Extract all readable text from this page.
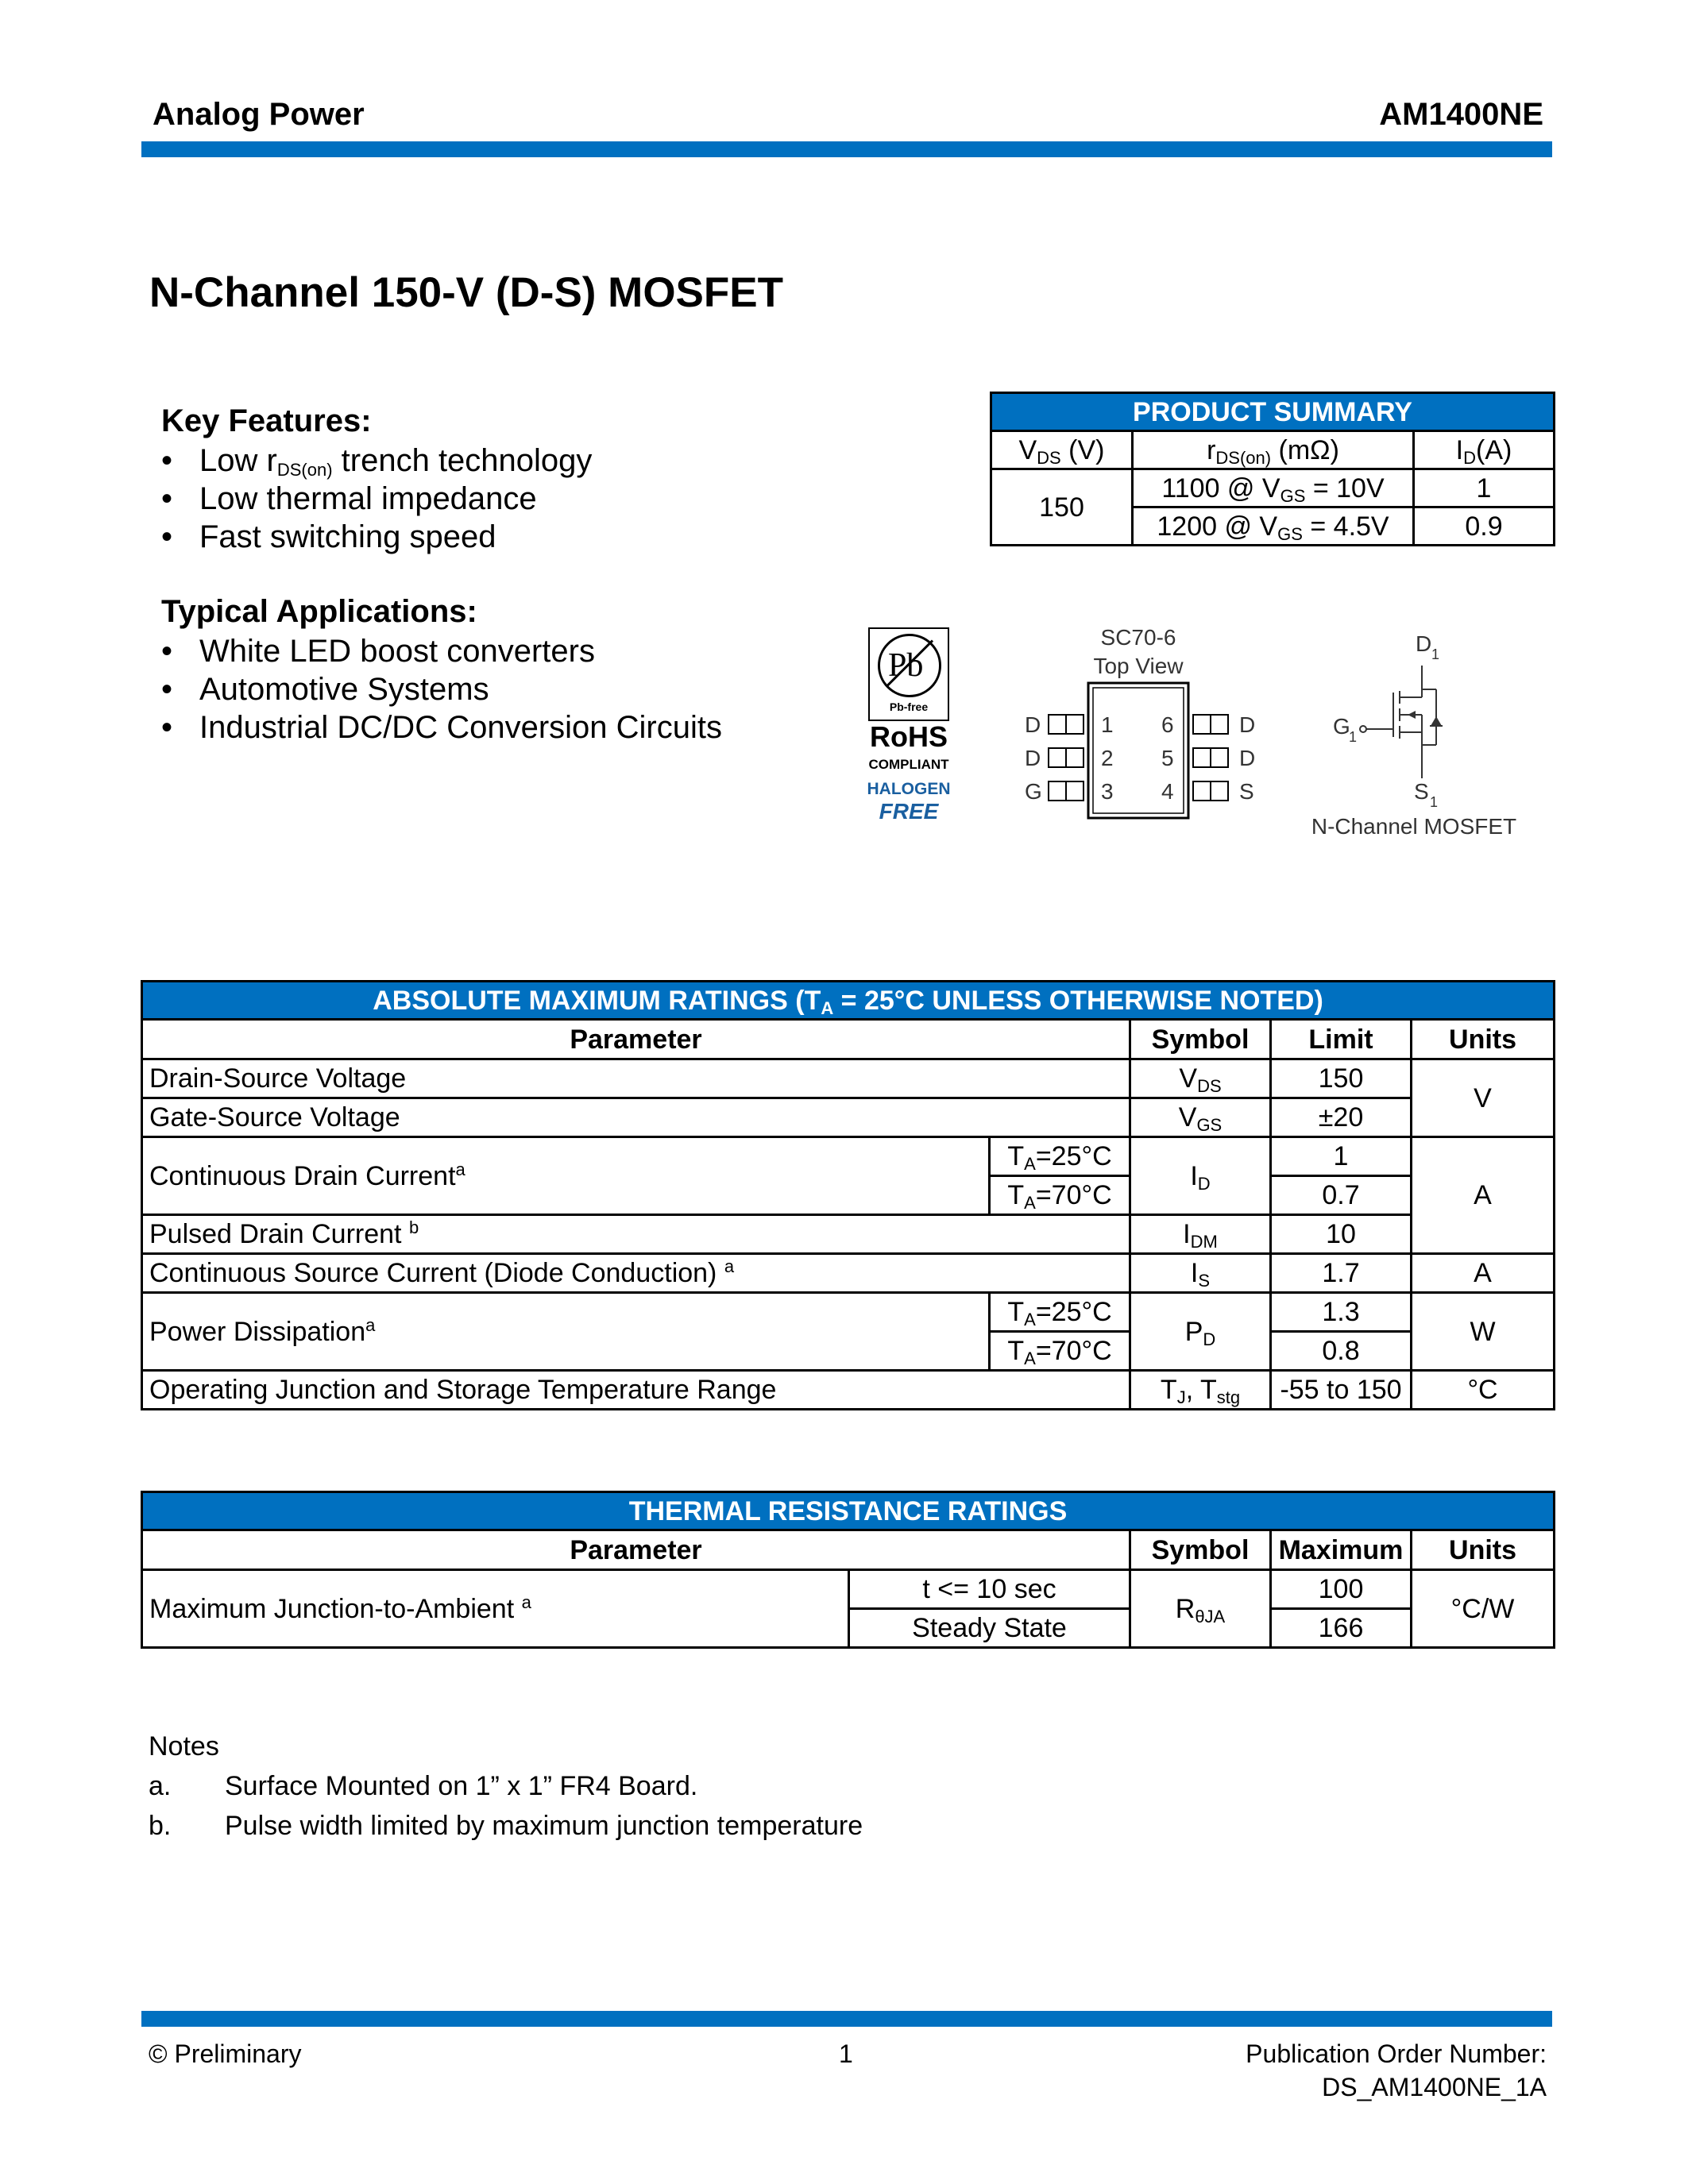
Analog Power	AM1400NE
N-Channel 150-V (D-S) MOSFET
Key Features:
• Low $r_{DS(on)}$ trench technology
• Low thermal impedance
• Fast switching speed
Typical Applications:
• White LED boost converters
• Automotive Systems
• Industrial DC/DC Conversion Circuits
PRODUCT SUMMARY		
$V_{DS}$ (V)	$r_{DS(on)}$ (mΩ)	$I_D(A)$
150	1100 @ $V_{GS} = 10V$	1
	1200 @ $V_{GS} = 4.5V$	0.9
Pb
Pb-free
RoHS
COMPLIANT
HALOGEN
FREE
SC70-6
Top View
D
D
G
1
2
3
6
5
4
D
D
S
D 1
G
1
S 1
N-Channel MOSFET
ABSOLUTE MAXIMUM RATINGS ($T_A = 25^\circ C$ UNLESS OTHERWISE NOTED)				
Parameter		Symbol	Limit	Units
Drain-Source Voltage		$V_{DS}$	150	V
Gate-Source Voltage		$V_{GS}$	±20	
Continuous Drain Current$^a$	$T_A=25^\circ C$	$I_D$	1	A
	$T_A=70^\circ C$		0.7	
Pulsed Drain Current $^b$		$I_{DM}$	10	
Continuous Source Current (Diode Conduction) $^a$		$I_S$	1.7	A
Power Dissipation$^a$	$T_A=25^\circ C$	$P_D$	1.3	W
	$T_A=70^\circ C$		0.8	
Operating Junction and Storage Temperature Range		$T_J$, $T_{stg}$	-55 to 150	°C
THERMAL RESISTANCE RATINGS				
Parameter		Symbol	Maximum	Units
Maximum Junction-to-Ambient $^a$	t <= 10 sec	$R_{\theta JA}$	100	°C/W
	Steady State		166	
Notes
a. Surface Mounted on 1” x 1” FR4 Board.
b. Pulse width limited by maximum junction temperature
© Preliminary	1	Publication Order Number:
DS_AM1400NE_1A
